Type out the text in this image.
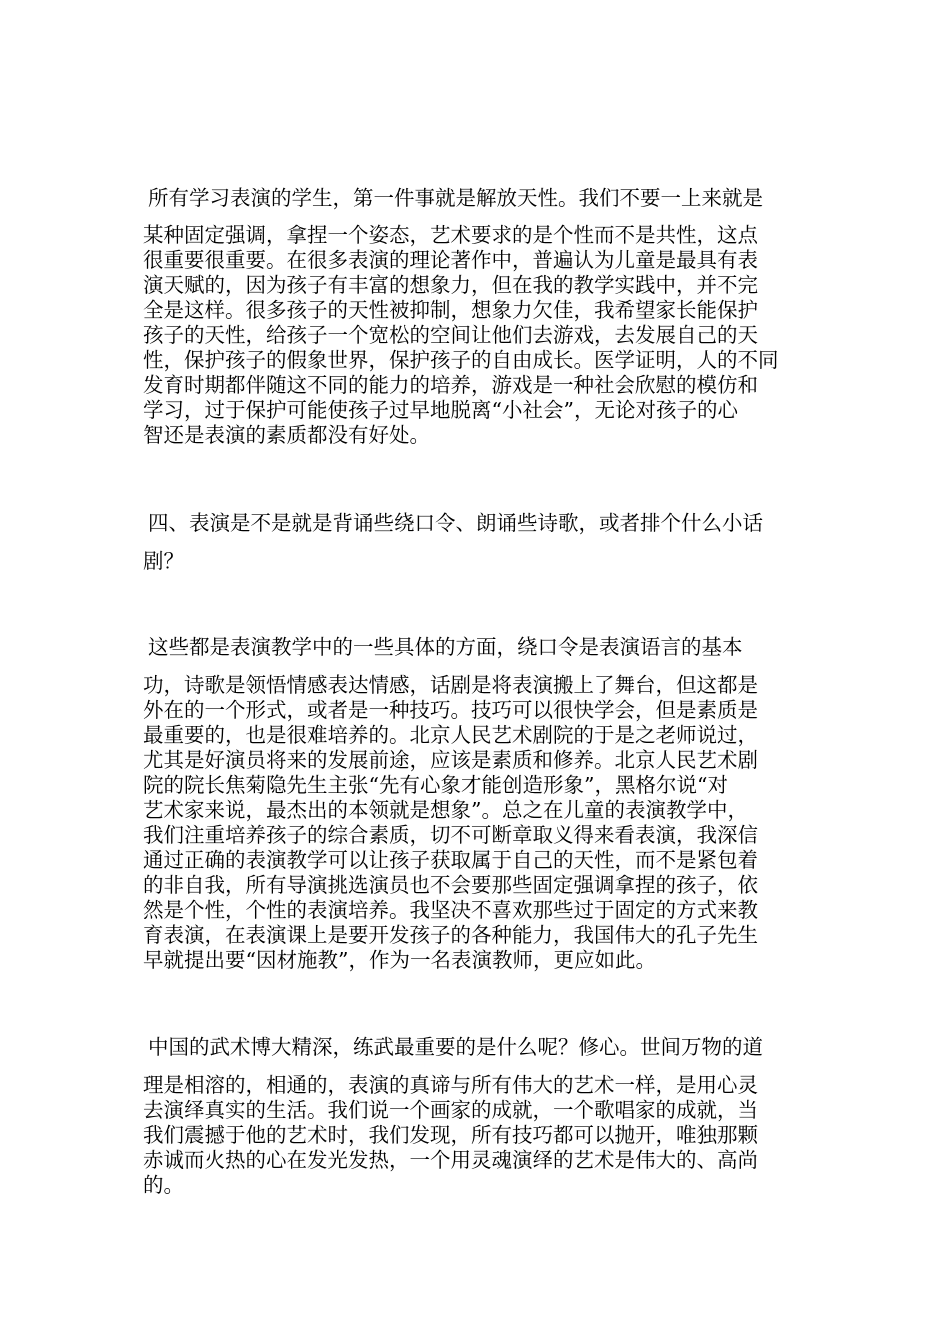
所有学习表演的学生，第一件事就是解放天性。我们不要一上来就是
某种固定强调，拿捏一个姿态，艺术要求的是个性而不是共性，这点
很重要很重要。在很多表演的理论著作中，普遍认为儿童是最具有表
演天赋的，因为孩子有丰富的想象力，但在我的教学实践中，并不完
全是这样。很多孩子的天性被抑制，想象力欠佳，我希望家长能保护
孩子的天性，给孩子一个宽松的空间让他们去游戏，去发展自己的天
性，保护孩子的假象世界，保护孩子的自由成长。医学证明，人的不同
发育时期都伴随这不同的能力的培养，游戏是一种社会欣慰的模仿和
学习，过于保护可能使孩子过早地脱离“小社会”，无论对孩子的心
智还是表演的素质都没有好处。
四、表演是不是就是背诵些绕口令、朗诵些诗歌，或者排个什么小话
剧？
这些都是表演教学中的一些具体的方面，绕口令是表演语言的基本
功，诗歌是领悟情感表达情感，话剧是将表演搬上了舞台，但这都是
外在的一个形式，或者是一种技巧。技巧可以很快学会，但是素质是
最重要的，也是很难培养的。北京人民艺术剧院的于是之老师说过，
尤其是好演员将来的发展前途，应该是素质和修养。北京人民艺术剧
院的院长焦菊隐先生主张“先有心象才能创造形象”，黑格尔说“对
艺术家来说，最杰出的本领就是想象”。总之在儿童的表演教学中，
我们注重培养孩子的综合素质，切不可断章取义得来看表演，我深信
通过正确的表演教学可以让孩子获取属于自己的天性，而不是紧包着
的非自我，所有导演挑选演员也不会要那些固定强调拿捏的孩子，依
然是个性，个性的表演培养。我坚决不喜欢那些过于固定的方式来教
育表演，在表演课上是要开发孩子的各种能力，我国伟大的孔子先生
早就提出要“因材施教”，作为一名表演教师，更应如此。
中国的武术博大精深，练武最重要的是什么呢？修心。世间万物的道
理是相溶的，相通的，表演的真谛与所有伟大的艺术一样，是用心灵
去演绎真实的生活。我们说一个画家的成就，一个歌唱家的成就，当
我们震撼于他的艺术时，我们发现，所有技巧都可以抛开，唯独那颗
赤诚而火热的心在发光发热，一个用灵魂演绎的艺术是伟大的、高尚
的。
